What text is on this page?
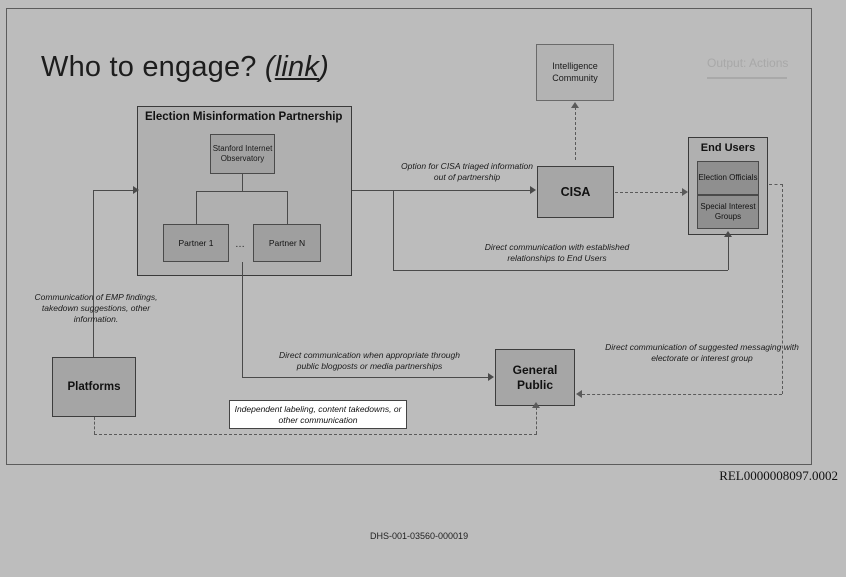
Who to engage? (link)	Output: Actions
Election Misinformation Partnership
Stanford Internet Observatory
Partner 1	…	Partner N
Intelligence Community
CISA
Option for CISA triaged information out of partnership
End Users
Election Officials
Special Interest Groups
Direct communication with established relationships to End Users
Communication of EMP findings, takedown suggestions, other information.
Platforms
Direct communication when appropriate through public blogposts or media partnerships	General Public
Direct communication of suggested messaging with electorate or interest group
Independent labeling, content takedowns, or other communication
REL0000008097.0002
DHS-001-03560-000019
